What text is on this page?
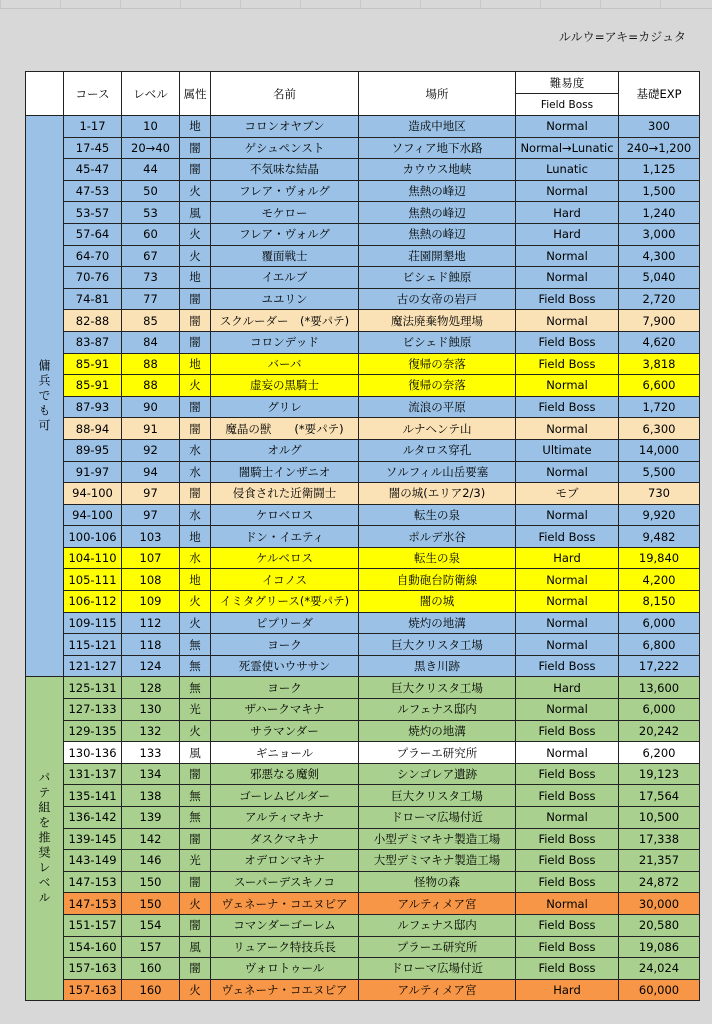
ルルウ=アキ=カジュタ
	コース	レベル	属性	名前	場所	難易度	基礎EXP
						Field Boss	
傭兵でも可	1-17	10	地	コロンオヤブン	造成中地区	Normal	300
	17-45	20→40	闇	ゲシュペンスト	ソフィア地下水路	Normal→Lunatic	240→1,200
	45-47	44	闇	不気味な結晶	カウウス地峡	Lunatic	1,125
	47-53	50	火	フレア・ヴォルグ	焦熱の峰辺	Normal	1,500
	53-57	53	風	モケロー	焦熱の峰辺	Hard	1,240
	57-64	60	火	フレア・ヴォルグ	焦熱の峰辺	Hard	3,000
	64-70	67	火	覆面戦士	荘園開墾地	Normal	4,300
	70-76	73	地	イエルブ	ビシェド蝕原	Normal	5,040
	74-81	77	闇	ユユリン	古の女帝の岩戸	Field Boss	2,720
	82-88	85	闇	スクルーダー　(*要パテ)	魔法廃棄物処理場	Normal	7,900
	83-87	84	闇	コロンデッド	ビシェド蝕原	Field Boss	4,620
	85-91	88	地	バーバ	復帰の奈落	Field Boss	3,818
	85-91	88	火	虚妄の黒騎士	復帰の奈落	Normal	6,600
	87-93	90	闇	グリレ	流浪の平原	Field Boss	1,720
	88-94	91	闇	魔晶の獣　　(*要パテ)	ルナヘンテ山	Normal	6,300
	89-95	92	水	オルグ	ルタロス穿孔	Ultimate	14,000
	91-97	94	水	闇騎士インザニオ	ソルフィル山岳要塞	Normal	5,500
	94-100	97	闇	侵食された近衛闘士	闇の城(エリア2/3)	モブ	730
	94-100	97	水	ケロベロス	転生の泉	Normal	9,920
	100-106	103	地	ドン・イエティ	ポルデ氷谷	Field Boss	9,482
	104-110	107	水	ケルベロス	転生の泉	Hard	19,840
	105-111	108	地	イコノス	自動砲台防衛線	Normal	4,200
	106-112	109	火	イミタグリース(*要パテ)	闇の城	Normal	8,150
	109-115	112	火	ピプリーダ	焼灼の地溝	Normal	6,000
	115-121	118	無	ヨーク	巨大クリスタ工場	Normal	6,800
	121-127	124	無	死霊使いウササン	黒き川跡	Field Boss	17,222
パテ組を推奨レベル	125-131	128	無	ヨーク	巨大クリスタ工場	Hard	13,600
	127-133	130	光	ザハークマキナ	ルフェナス邸内	Normal	6,000
	129-135	132	火	サラマンダー	焼灼の地溝	Field Boss	20,242
	130-136	133	風	ギニョール	プラーエ研究所	Normal	6,200
	131-137	134	闇	邪悪なる魔剣	シンゴレア遺跡	Field Boss	19,123
	135-141	138	無	ゴーレムビルダー	巨大クリスタ工場	Field Boss	17,564
	136-142	139	無	アルティマキナ	ドローマ広場付近	Normal	10,500
	139-145	142	闇	ダスクマキナ	小型デミマキナ製造工場	Field Boss	17,338
	143-149	146	光	オデロンマキナ	大型デミマキナ製造工場	Field Boss	21,357
	147-153	150	闇	スーパーデスキノコ	怪物の森	Field Boss	24,872
	147-153	150	火	ヴェネーナ・コエヌピア	アルティメア宮	Normal	30,000
	151-157	154	闇	コマンダーゴーレム	ルフェナス邸内	Field Boss	20,580
	154-160	157	風	リュアーク特技兵長	プラーエ研究所	Field Boss	19,086
	157-163	160	闇	ヴォロトゥール	ドローマ広場付近	Field Boss	24,024
	157-163	160	火	ヴェネーナ・コエヌピア	アルティメア宮	Hard	60,000
